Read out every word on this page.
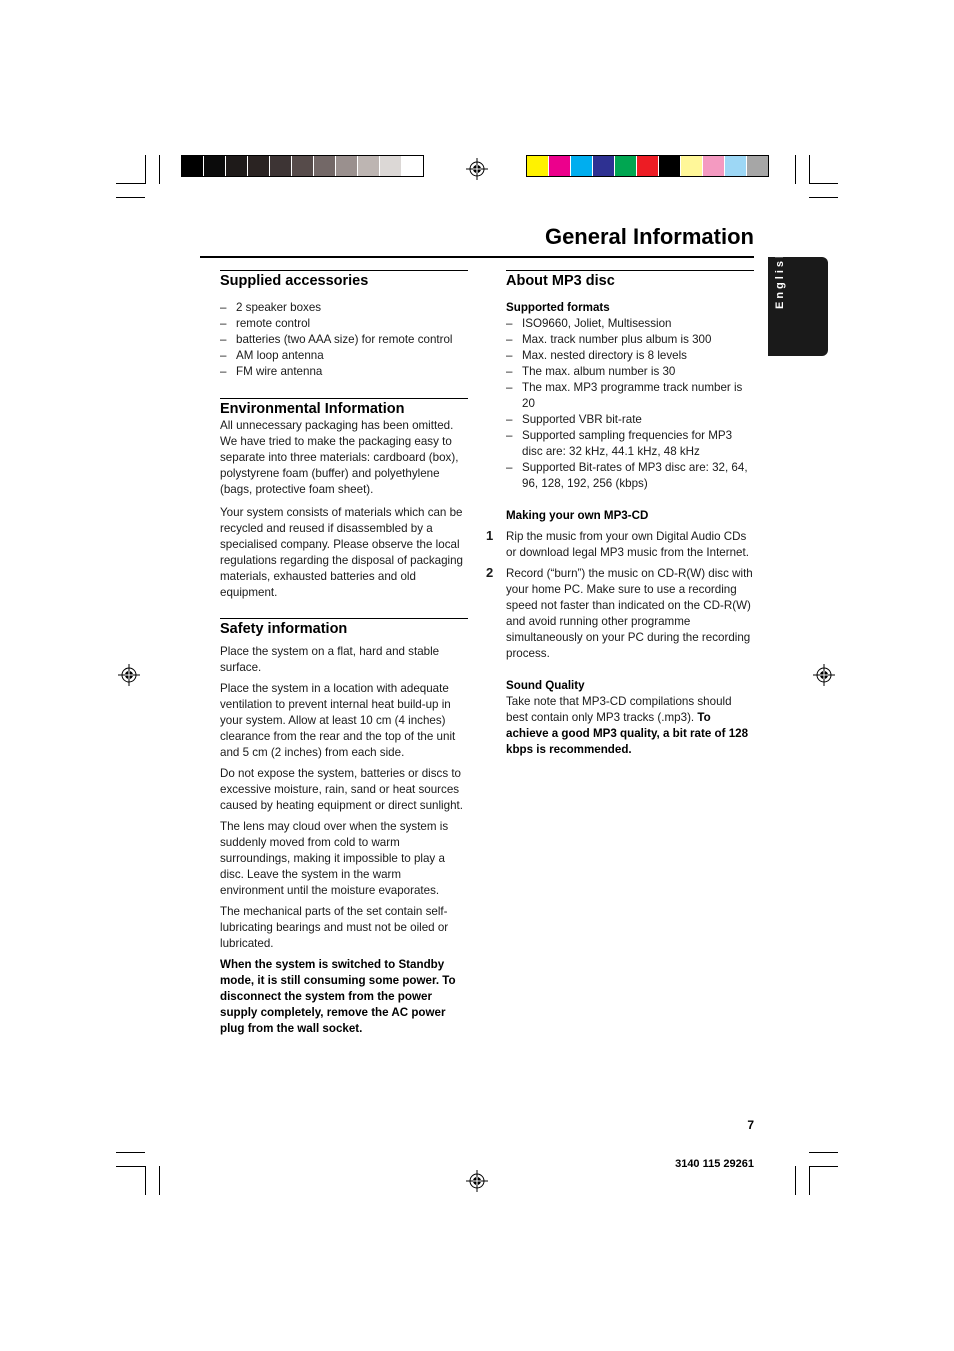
General Information
English
Supplied accessories
– 2 speaker boxes
– remote control
– batteries (two AAA size) for remote control
– AM loop antenna
– FM wire antenna
Environmental Information

All unnecessary packaging has been omitted. We have tried to make the packaging easy to separate into three materials: cardboard (box), polystyrene foam (buffer) and polyethylene (bags, protective foam sheet).

Your system consists of materials which can be recycled and reused if disassembled by a specialised company. Please observe the local regulations regarding the disposal of packaging materials, exhausted batteries and old equipment.

Safety information

Place the system on a flat, hard and stable surface.

Place the system in a location with adequate ventilation to prevent internal heat build-up in your system. Allow at least 10 cm (4 inches) clearance from the rear and the top of the unit and 5 cm (2 inches) from each side.

Do not expose the system, batteries or discs to excessive moisture, rain, sand or heat sources caused by heating equipment or direct sunlight.

The lens may cloud over when the system is suddenly moved from cold to warm surroundings, making it impossible to play a disc. Leave the system in the warm environment until the moisture evaporates.

The mechanical parts of the set contain self-lubricating bearings and must not be oiled or lubricated.

When the system is switched to Standby mode, it is still consuming some power. To disconnect the system from the power supply completely, remove the AC power plug from the wall socket.

About MP3 disc
Supported formats
– ISO9660, Joliet, Multisession
– Max. track number plus album is 300
– Max. nested directory is 8 levels
– The max. album number is 30
– The max. MP3 programme track number is 20
– Supported VBR bit-rate
– Supported sampling frequencies for MP3 disc are: 32 kHz, 44.1 kHz, 48 kHz
– Supported Bit-rates of MP3 disc are: 32, 64, 96, 128, 192, 256 (kbps)
Making your own MP3-CD
1 Rip the music from your own Digital Audio CDs or download legal MP3 music from the Internet.

2 Record (“burn”) the music on CD-R(W) disc with your home PC. Make sure to use a recording speed not faster than indicated on the CD-R(W) and avoid running other programme simultaneously on your PC during the recording process.

Sound Quality

Take note that MP3-CD compilations should best contain only MP3 tracks (.mp3). To achieve a good MP3 quality, a bit rate of 128 kbps is recommended.

7
3140 115 29261
